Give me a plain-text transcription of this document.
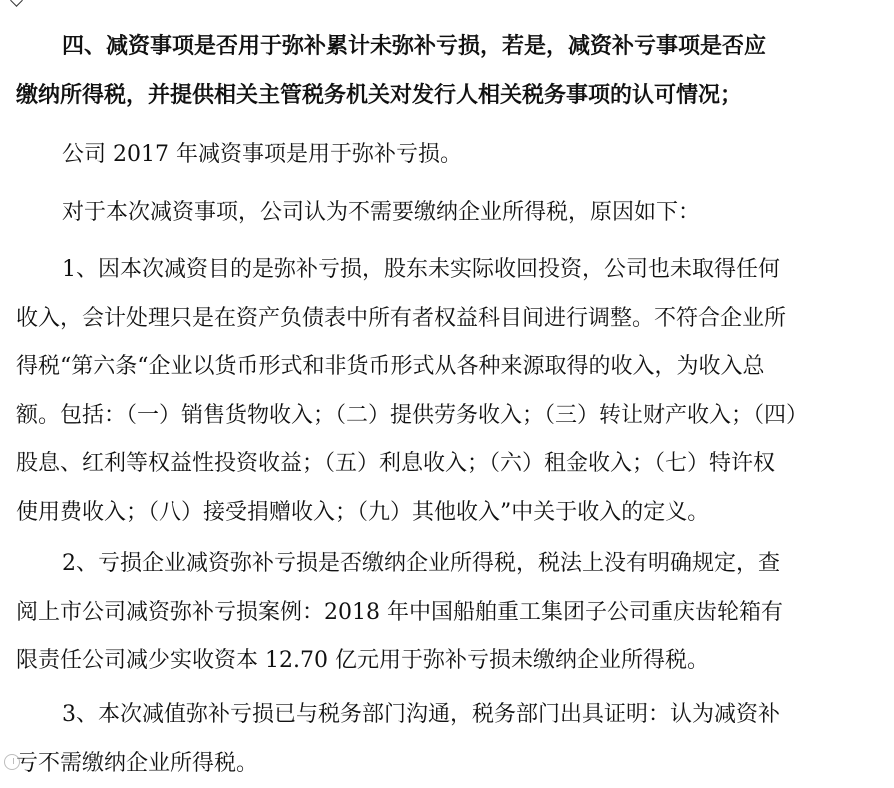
四、减资事项是否用于弥补累计未弥补亏损，若是，减资补亏事项是否应
缴纳所得税，并提供相关主管税务机关对发行人相关税务事项的认可情况；
公司 2017 年减资事项是用于弥补亏损。
对于本次减资事项，公司认为不需要缴纳企业所得税，原因如下：
1、因本次减资目的是弥补亏损，股东未实际收回投资，公司也未取得任何
收入，会计处理只是在资产负债表中所有者权益科目间进行调整。不符合企业所
得税“第六条“企业以货币形式和非货币形式从各种来源取得的收入，为收入总
额。包括：（一）销售货物收入；（二）提供劳务收入；（三）转让财产收入；（四）
股息、红利等权益性投资收益；（五）利息收入；（六）租金收入；（七）特许权
使用费收入；（八）接受捐赠收入；（九）其他收入”中关于收入的定义。
2、亏损企业减资弥补亏损是否缴纳企业所得税，税法上没有明确规定，查
阅上市公司减资弥补亏损案例：2018 年中国船舶重工集团子公司重庆齿轮箱有
限责任公司减少实收资本 12.70 亿元用于弥补亏损未缴纳企业所得税。
3、本次减值弥补亏损已与税务部门沟通，税务部门出具证明：认为减资补
亏不需缴纳企业所得税。
